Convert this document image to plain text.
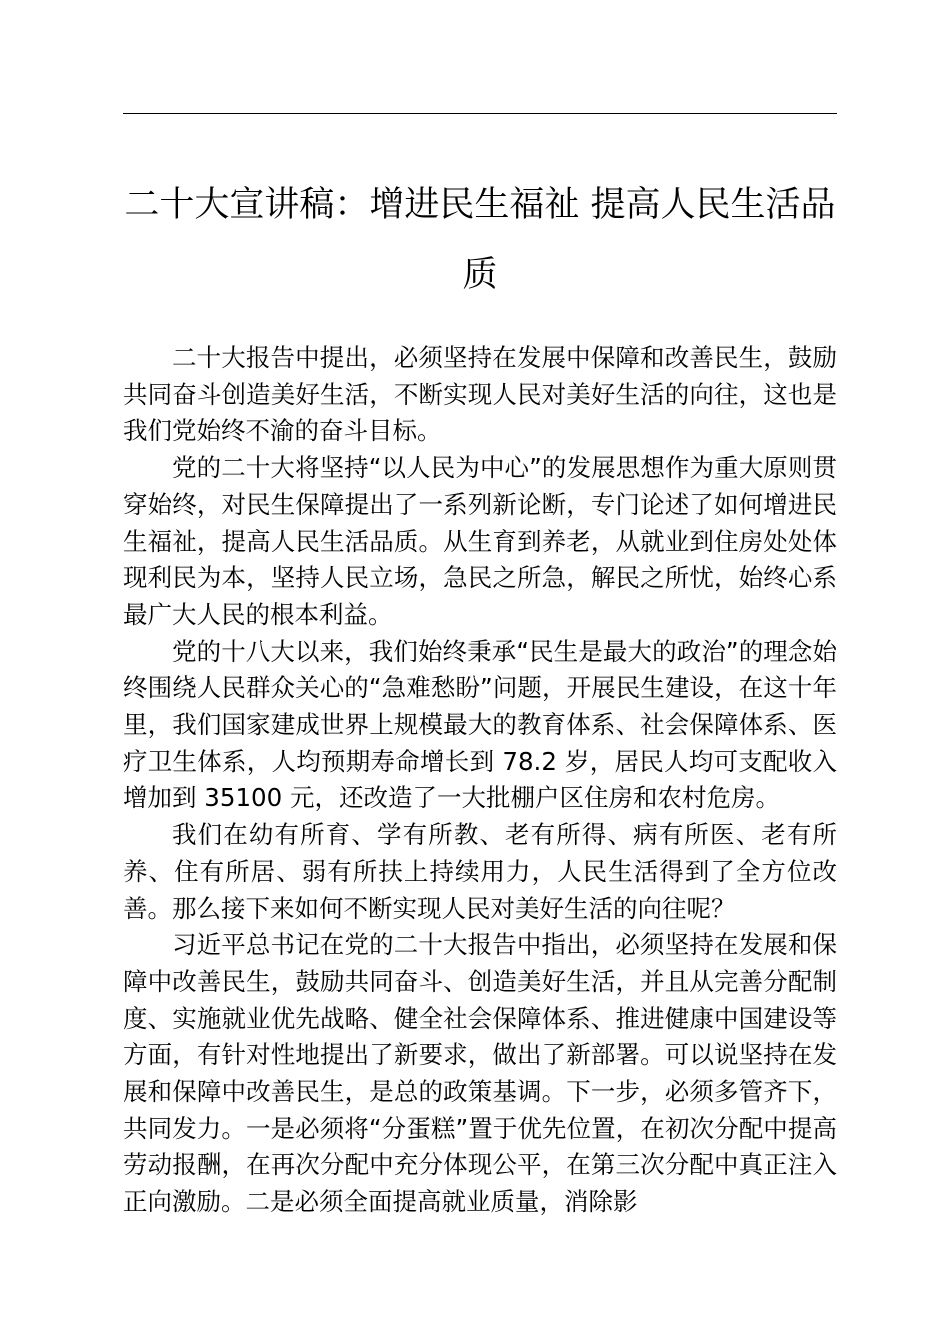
二十大宣讲稿：增进民生福祉 提高人民生活品质

二十大报告中提出，必须坚持在发展中保障和改善民生，鼓励共同奋斗创造美好生活，不断实现人民对美好生活的向往，这也是我们党始终不渝的奋斗目标。

党的二十大将坚持“以人民为中心”的发展思想作为重大原则贯穿始终，对民生保障提出了一系列新论断，专门论述了如何增进民生福祉，提高人民生活品质。从生育到养老，从就业到住房处处体现利民为本，坚持人民立场，急民之所急，解民之所忧，始终心系最广大人民的根本利益。

党的十八大以来，我们始终秉承“民生是最大的政治”的理念始终围绕人民群众关心的“急难愁盼”问题，开展民生建设，在这十年里，我们国家建成世界上规模最大的教育体系、社会保障体系、医疗卫生体系，人均预期寿命增长到 78.2 岁，居民人均可支配收入增加到 35100 元，还改造了一大批棚户区住房和农村危房。

我们在幼有所育、学有所教、老有所得、病有所医、老有所养、住有所居、弱有所扶上持续用力，人民生活得到了全方位改善。那么接下来如何不断实现人民对美好生活的向往呢？

习近平总书记在党的二十大报告中指出，必须坚持在发展和保障中改善民生，鼓励共同奋斗、创造美好生活，并且从完善分配制度、实施就业优先战略、健全社会保障体系、推进健康中国建设等方面，有针对性地提出了新要求，做出了新部署。可以说坚持在发展和保障中改善民生，是总的政策基调。下一步，必须多管齐下，共同发力。一是必须将“分蛋糕”置于优先位置，在初次分配中提高劳动报酬，在再次分配中充分体现公平，在第三次分配中真正注入正向激励。二是必须全面提高就业质量，消除影
